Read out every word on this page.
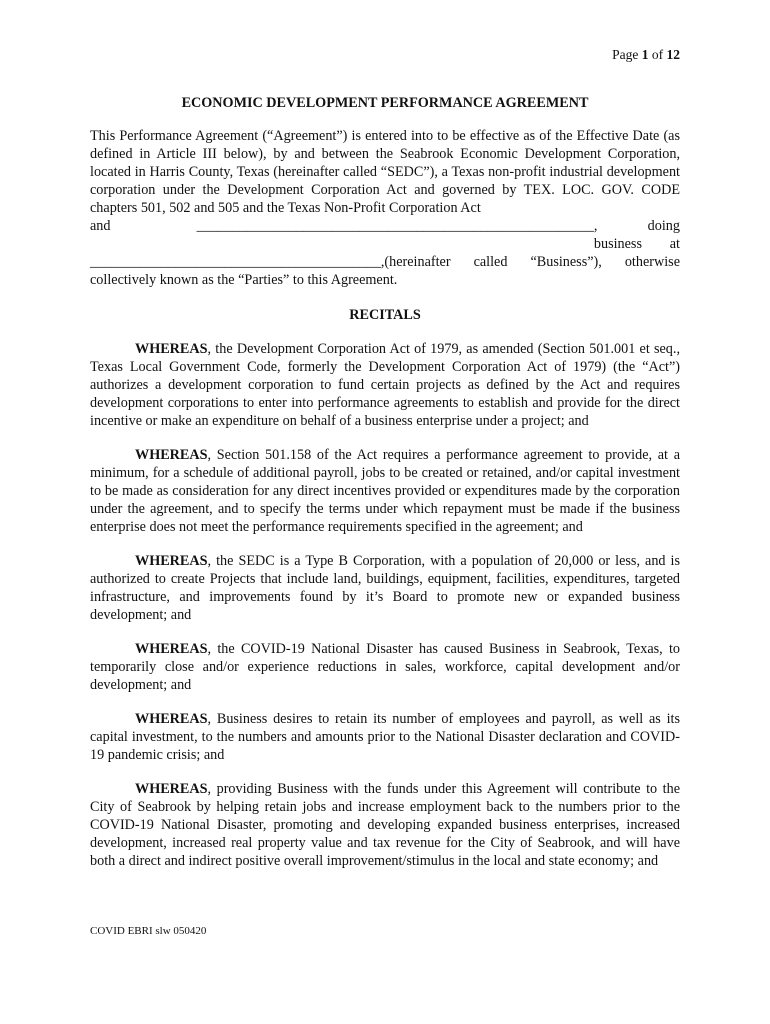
Page 1 of 12
ECONOMIC DEVELOPMENT PERFORMANCE AGREEMENT

This Performance Agreement (“Agreement”) is entered into to be effective as of the Effective Date (as defined in Article III below), by and between the Seabrook Economic Development Corporation, located in Harris County, Texas (hereinafter called “SEDC”), a Texas non-profit industrial development corporation under the Development Corporation Act and governed by TEX. LOC. GOV. CODE chapters 501, 502 and 505 and the Texas Non-Profit Corporation Act
and	________________________________________________________ , doing business at
_________________________________________,(hereinafter called “Business”), otherwise collectively known as the “Parties” to this Agreement.

RECITALS

WHEREAS, the Development Corporation Act of 1979, as amended (Section 501.001 et seq., Texas Local Government Code, formerly the Development Corporation Act of 1979) (the “Act”) authorizes a development corporation to fund certain projects as defined by the Act and requires development corporations to enter into performance agreements to establish and provide for the direct incentive or make an expenditure on behalf of a business enterprise under a project; and

WHEREAS, Section 501.158 of the Act requires a performance agreement to provide, at a minimum, for a schedule of additional payroll, jobs to be created or retained, and/or capital investment to be made as consideration for any direct incentives provided or expenditures made by the corporation under the agreement, and to specify the terms under which repayment must be made if the business enterprise does not meet the performance requirements specified in the agreement; and

WHEREAS, the SEDC is a Type B Corporation, with a population of 20,000 or less, and is authorized to create Projects that include land, buildings, equipment, facilities, expenditures, targeted infrastructure, and improvements found by it’s Board to promote new or expanded business development; and

WHEREAS, the COVID-19 National Disaster has caused Business in Seabrook, Texas, to temporarily close and/or experience reductions in sales, workforce, capital development and/or development; and

WHEREAS, Business desires to retain its number of employees and payroll, as well as its capital investment, to the numbers and amounts prior to the National Disaster declaration and COVID-19 pandemic crisis; and

WHEREAS, providing Business with the funds under this Agreement will contribute to the City of Seabrook by helping retain jobs and increase employment back to the numbers prior to the COVID-19 National Disaster, promoting and developing expanded business enterprises, increased development, increased real property value and tax revenue for the City of Seabrook, and will have both a direct and indirect positive overall improvement/stimulus in the local and state economy; and

COVID EBRI slw 050420
